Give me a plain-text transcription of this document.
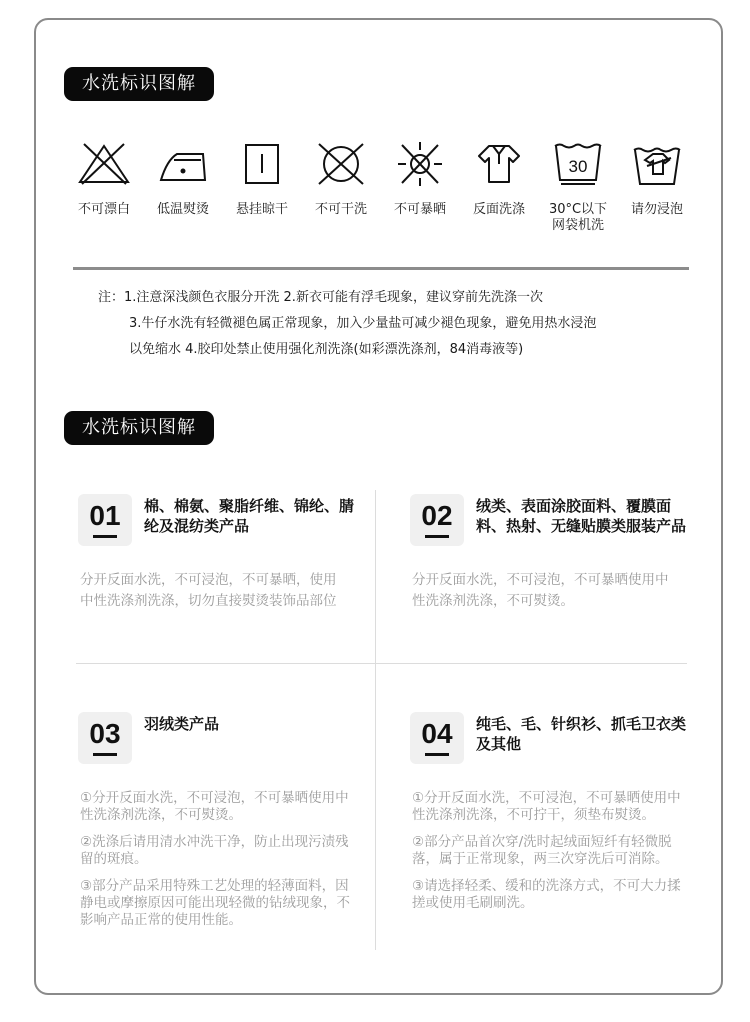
水洗标识图解
不可漂白	低温熨烫	悬挂晾干	不可干洗	不可暴晒	反面洗涤
30
30°C以下
网袋机洗
请勿浸泡
注：1.注意深浅颜色衣服分开洗 2.新衣可能有浮毛现象，建议穿前先洗涤一次
3.牛仔水洗有轻微褪色属正常现象，加入少量盐可减少褪色现象，避免用热水浸泡
以免缩水 4.胶印处禁止使用强化剂洗涤(如彩漂洗涤剂，84消毒液等)
水洗标识图解
01	棉、棉氨、聚脂纤维、锦纶、腈纶及混纺类产品

分开反面水洗，不可浸泡，不可暴晒，使用中性洗涤剂洗涤，切勿直接熨烫装饰品部位

02	绒类、表面涂胶面料、覆膜面料、热射、无缝贴膜类服装产品

分开反面水洗，不可浸泡，不可暴晒使用中性洗涤剂洗涤，不可熨烫。

03	羽绒类产品

①分开反面水洗，不可浸泡，不可暴晒使用中性洗涤剂洗涤，不可熨烫。

②洗涤后请用清水冲洗干净，防止出现污渍残留的斑痕。

③部分产品采用特殊工艺处理的轻薄面料，因静电或摩擦原因可能出现轻微的钻绒现象，不影响产品正常的使用性能。

04	纯毛、毛、针织衫、抓毛卫衣类及其他

①分开反面水洗，不可浸泡，不可暴晒使用中性洗涤剂洗涤，不可拧干，须垫布熨烫。

②部分产品首次穿/洗时起绒面短纤有轻微脱落，属于正常现象，两三次穿洗后可消除。

③请选择轻柔、缓和的洗涤方式，不可大力揉搓或使用毛刷刷洗。
